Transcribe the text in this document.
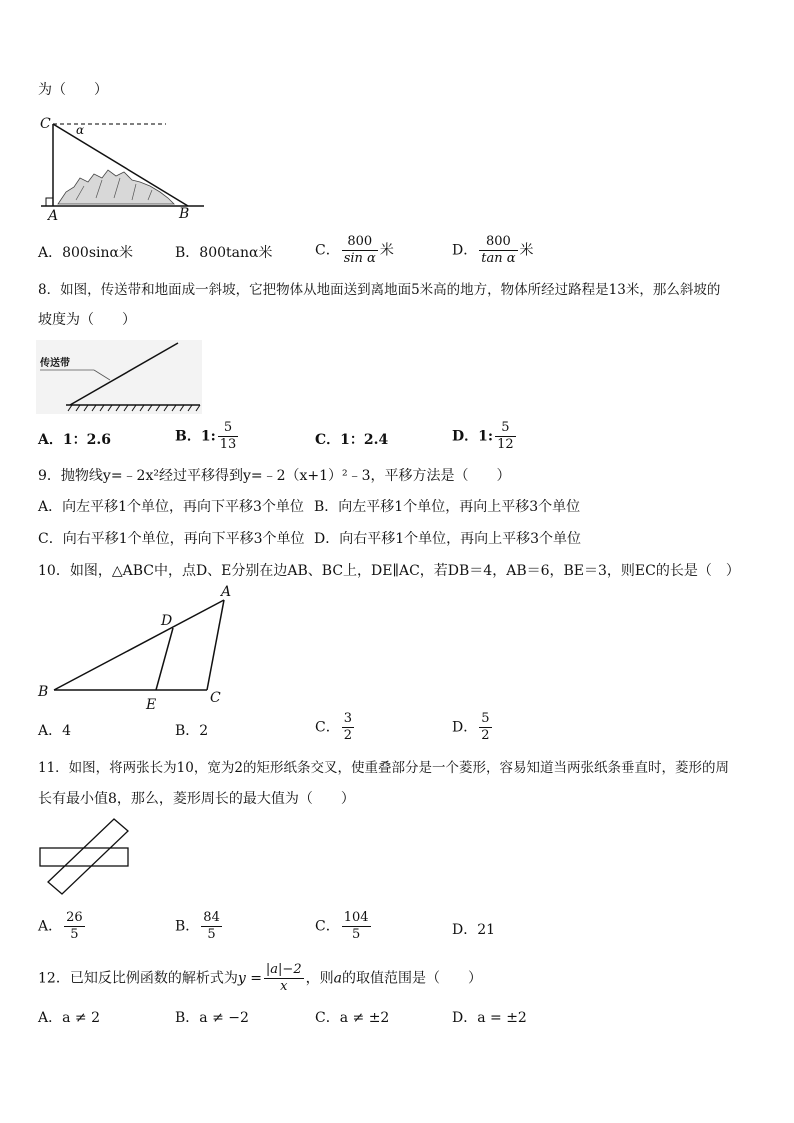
为（　　）
C α
A	B
A．800sinα米	B．800tanα米	C． $\frac{800}{\text{sin α}}$ 米	D． $\frac{800}{\text{tan α}}$ 米
8．如图，传送带和地面成一斜坡，它把物体从地面送到离地面5米高的地方，物体所经过路程是13米，那么斜坡的
坡度为（　　）
传送带
A．1：2.6	B．1: $\frac{5}{13}$	C．1：2.4	D．1: $\frac{5}{12}$
9．抛物线y=﹣2x²经过平移得到y=﹣2（x+1）²﹣3，平移方法是（　　）
A．向左平移1个单位，再向下平移3个单位 B．向左平移1个单位，再向上平移3个单位
C．向右平移1个单位，再向下平移3个单位 D．向右平移1个单位，再向上平移3个单位
10．如图，△ABC中，点D、E分别在边AB、BC上，DE∥AC，若DB＝4，AB＝6，BE＝3，则EC的长是（　）
A
B	C
D
E
A．4	B．2	C． $\frac{3}{2}$	D． $\frac{5}{2}$
11．如图，将两张长为10，宽为2的矩形纸条交叉，使重叠部分是一个菱形，容易知道当两张纸条垂直时，菱形的周
长有最小值8，那么，菱形周长的最大值为（　　）
A． $\frac{26}{5}$	B． $\frac{84}{5}$	C． $\frac{104}{5}$	D．21
12．已知反比例函数的解析式为$y = \frac{|a|-2}{x}$ ，则a的取值范围是（　　）
A．a ≠ 2	B．a ≠ −2	C．a ≠ ±2	D．a = ±2
